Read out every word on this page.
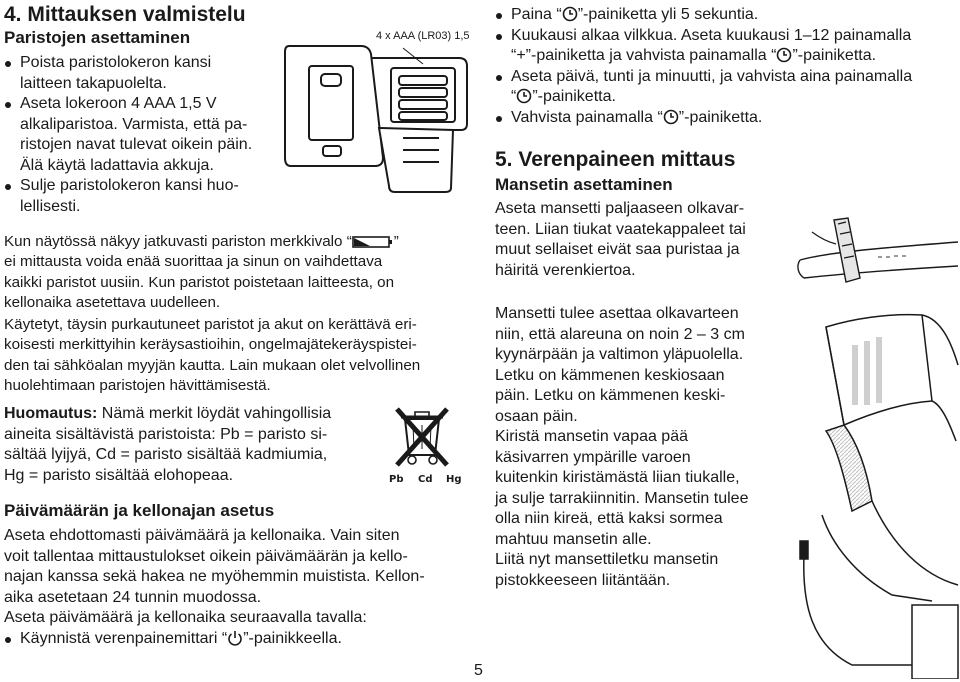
4. Mittauksen valmistelu
Paristojen asettaminen	4 x AAA (LR03) 1,5
Poista paristolokeron kansi
laitteen takapuolelta.
Aseta lokeroon 4 AAA 1,5 V
alkaliparistoa. Varmista, että pa-
ristojen navat tulevat oikein päin.
Älä käytä ladattavia akkuja.
Sulje paristolokeron kansi huo-
lellisesti.
Kun näytössä näkyy jatkuvasti pariston merkkivalo “	”
ei mittausta voida enää suorittaa ja sinun on vaihdettava
kaikki paristot uusiin. Kun paristot poistetaan laitteesta, on
kellonaika asetettava uudelleen.
Käytetyt, täysin purkautuneet paristot ja akut on kerättävä eri-
koisesti merkittyihin keräysastioihin, ongelmajätekeräyspistei-
den tai sähköalan myyjän kautta. Lain mukaan olet velvollinen
huolehtimaan paristojen hävittämisestä.
Huomautus: Nämä merkit löydät vahingollisia
aineita sisältävistä paristoista: Pb = paristo si-
sältää lyijyä, Cd = paristo sisältää kadmiumia,
Hg = paristo sisältää elohopeaa.	Pb Cd Hg
Päivämäärän ja kellonajan asetus
Aseta ehdottomasti päivämäärä ja kellonaika. Vain siten
voit tallentaa mittaustulokset oikein päivämäärän ja kello-
najan kanssa sekä hakea ne myöhemmin muistista. Kellon-
aika asetetaan 24 tunnin muodossa.
Aseta päivämäärä ja kellonaika seuraavalla tavalla:
Käynnistä verenpainemittari “ ”-painikkeella.
5
Paina “ ”-painiketta yli 5 sekuntia.
Kuukausi alkaa vilkkua. Aseta kuukausi 1–12 painamalla
“+”-painiketta ja vahvista painamalla “ ”-painiketta.
Aseta päivä, tunti ja minuutti, ja vahvista aina painamalla
“ ”-painiketta.
Vahvista painamalla “ ”-painiketta.
5. Verenpaineen mittaus
Mansetin asettaminen
Aseta mansetti paljaaseen olkavar-
teen. Liian tiukat vaatekappaleet tai
muut sellaiset eivät saa puristaa ja
häiritä verenkiertoa.
Mansetti tulee asettaa olkavarteen
niin, että alareuna on noin 2 – 3 cm
kyynärpään ja valtimon yläpuolella.
Letku on kämmenen keskiosaan
päin. Letku on kämmenen keski-
osaan päin.
Kiristä mansetin vapaa pää
käsivarren ympärille varoen
kuitenkin kiristämästä liian tiukalle,
ja sulje tarrakiinnitin. Mansetin tulee
olla niin kireä, että kaksi sormea
mahtuu mansetin alle.
Liitä nyt mansettiletku mansetin
pistokkeeseen liitäntään.
